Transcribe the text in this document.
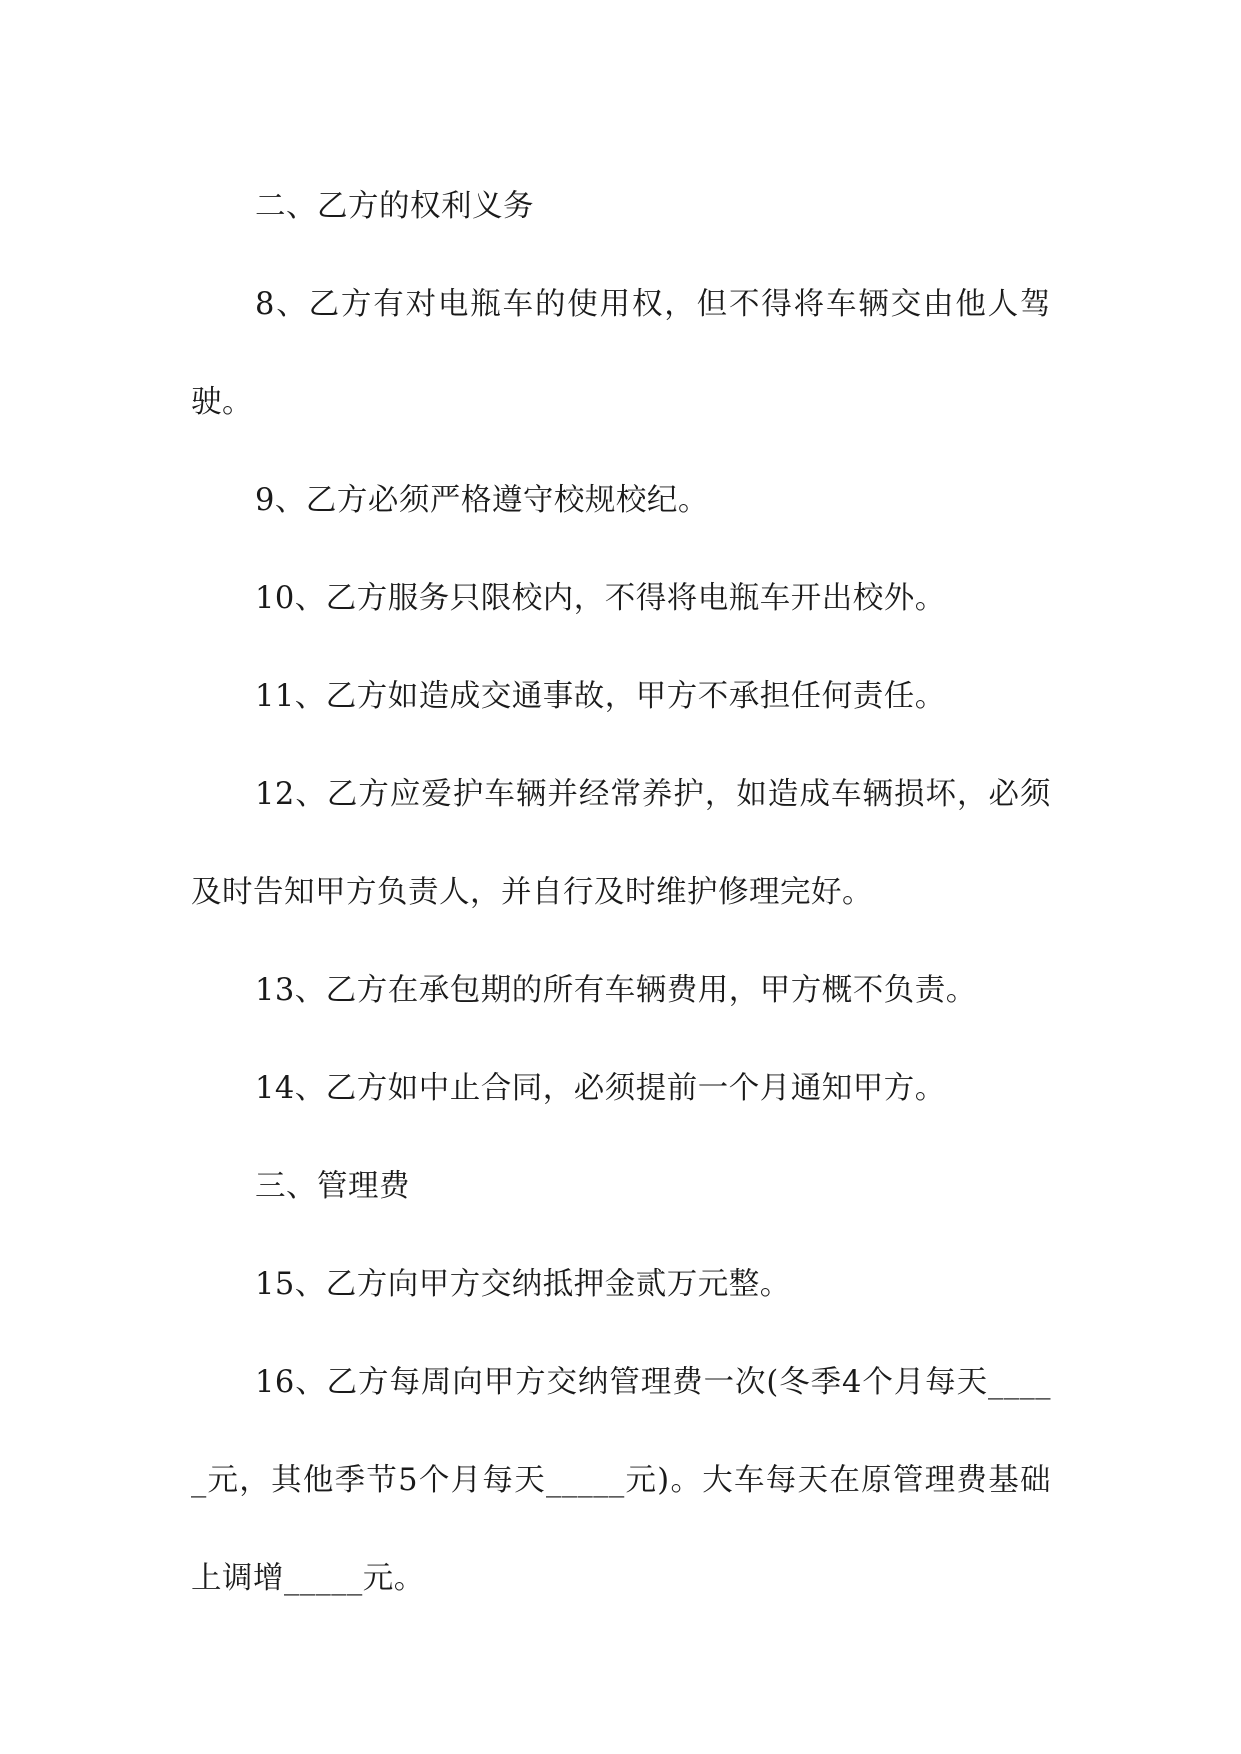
二、乙方的权利义务

8、乙方有对电瓶车的使用权，但不得将车辆交由他人驾驶。

9、乙方必须严格遵守校规校纪。

10、乙方服务只限校内，不得将电瓶车开出校外。

11、乙方如造成交通事故，甲方不承担任何责任。

12、乙方应爱护车辆并经常养护，如造成车辆损坏，必须及时告知甲方负责人，并自行及时维护修理完好。

13、乙方在承包期的所有车辆费用，甲方概不负责。

14、乙方如中止合同，必须提前一个月通知甲方。

三、管理费

15、乙方向甲方交纳抵押金贰万元整。

16、乙方每周向甲方交纳管理费一次(冬季4个月每天_____元，其他季节5个月每天_____元)。大车每天在原管理费基础上调增_____元。
